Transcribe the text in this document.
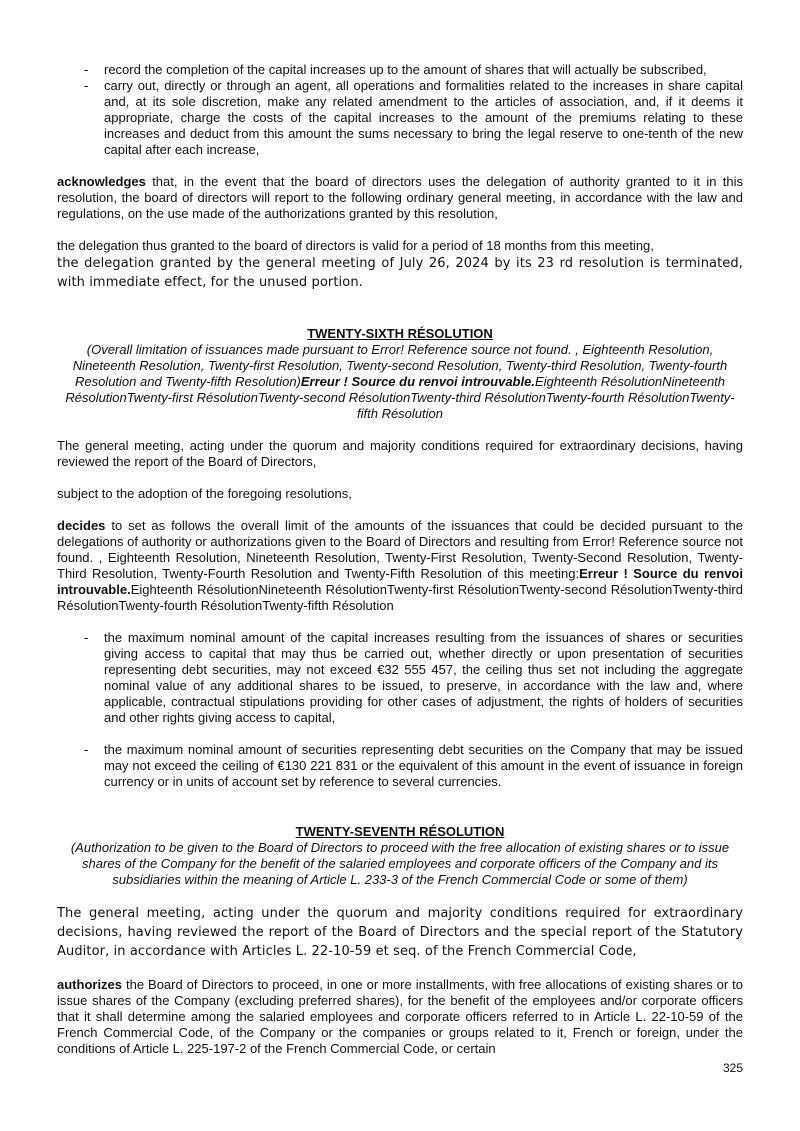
- record the completion of the capital increases up to the amount of shares that will actually be subscribed,
- carry out, directly or through an agent, all operations and formalities related to the increases in share capital and, at its sole discretion, make any related amendment to the articles of association, and, if it deems it appropriate, charge the costs of the capital increases to the amount of the premiums relating to these increases and deduct from this amount the sums necessary to bring the legal reserve to one-tenth of the new capital after each increase,

acknowledges that, in the event that the board of directors uses the delegation of authority granted to it in this resolution, the board of directors will report to the following ordinary general meeting, in accordance with the law and regulations, on the use made of the authorizations granted by this resolution,

the delegation thus granted to the board of directors is valid for a period of 18 months from this meeting,

the delegation granted by the general meeting of July 26, 2024 by its 23 rd resolution is terminated, with immediate effect, for the unused portion.

TWENTY-SIXTH RÉSOLUTION
(Overall limitation of issuances made pursuant to Error! Reference source not found. , Eighteenth Resolution, Nineteenth Resolution, Twenty-first Resolution, Twenty-second Resolution, Twenty-third Resolution, Twenty-fourth Resolution and Twenty-fifth Resolution)Erreur ! Source du renvoi introuvable.Eighteenth RésolutionNineteenth RésolutionTwenty-first RésolutionTwenty-second RésolutionTwenty-third RésolutionTwenty-fourth RésolutionTwenty-fifth Résolution

The general meeting, acting under the quorum and majority conditions required for extraordinary decisions, having reviewed the report of the Board of Directors,

subject to the adoption of the foregoing resolutions,

decides to set as follows the overall limit of the amounts of the issuances that could be decided pursuant to the delegations of authority or authorizations given to the Board of Directors and resulting from Error! Reference source not found. , Eighteenth Resolution, Nineteenth Resolution, Twenty-First Resolution, Twenty-Second Resolution, Twenty-Third Resolution, Twenty-Fourth Resolution and Twenty-Fifth Resolution of this meeting:Erreur ! Source du renvoi introuvable.Eighteenth RésolutionNineteenth RésolutionTwenty-first RésolutionTwenty-second RésolutionTwenty-third RésolutionTwenty-fourth RésolutionTwenty-fifth Résolution

- the maximum nominal amount of the capital increases resulting from the issuances of shares or securities giving access to capital that may thus be carried out, whether directly or upon presentation of securities representing debt securities, may not exceed €32 555 457, the ceiling thus set not including the aggregate nominal value of any additional shares to be issued, to preserve, in accordance with the law and, where applicable, contractual stipulations providing for other cases of adjustment, the rights of holders of securities and other rights giving access to capital,
- the maximum nominal amount of securities representing debt securities on the Company that may be issued may not exceed the ceiling of €130 221 831 or the equivalent of this amount in the event of issuance in foreign currency or in units of account set by reference to several currencies.
TWENTY-SEVENTH RÉSOLUTION
(Authorization to be given to the Board of Directors to proceed with the free allocation of existing shares or to issue shares of the Company for the benefit of the salaried employees and corporate officers of the Company and its subsidiaries within the meaning of Article L. 233-3 of the French Commercial Code or some of them)

The general meeting, acting under the quorum and majority conditions required for extraordinary decisions, having reviewed the report of the Board of Directors and the special report of the Statutory Auditor, in accordance with Articles L. 22-10-59 et seq. of the French Commercial Code,

authorizes the Board of Directors to proceed, in one or more installments, with free allocations of existing shares or to issue shares of the Company (excluding preferred shares), for the benefit of the employees and/or corporate officers that it shall determine among the salaried employees and corporate officers referred to in Article L. 22-10-59 of the French Commercial Code, of the Company or the companies or groups related to it, French or foreign, under the conditions of Article L. 225-197-2 of the French Commercial Code, or certain

325
